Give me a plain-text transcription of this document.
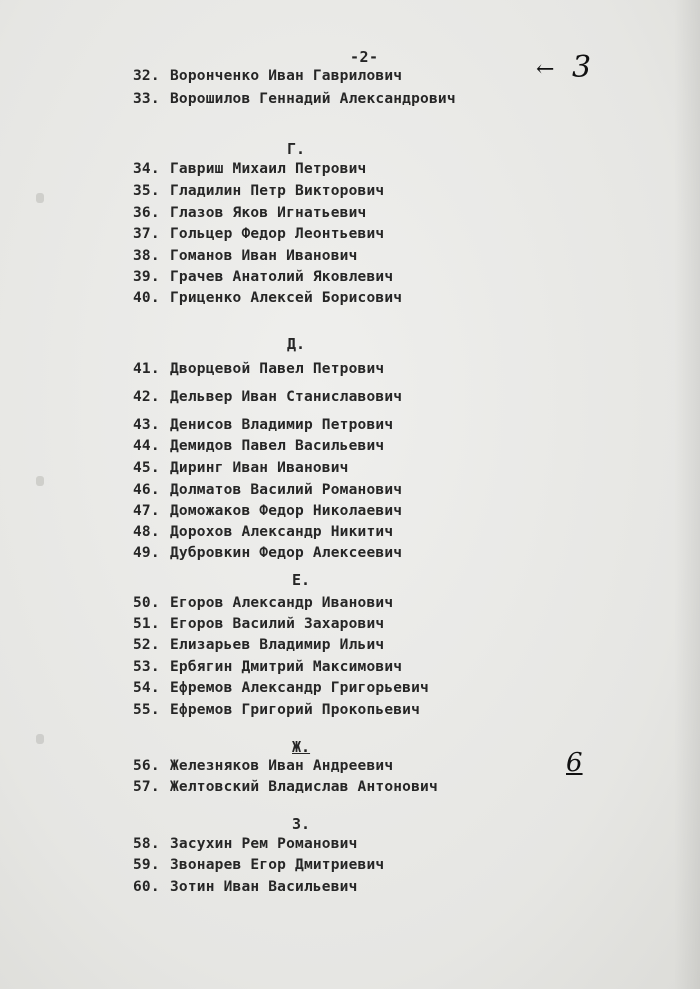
-2-	← 3
6
32. Воронченко Иван Гаврилович
33. Ворошилов Геннадий Александрович
Г.
34. Гавриш Михаил Петрович
35. Гладилин Петр Викторович
36. Глазов Яков Игнатьевич
37. Гольцер Федор Леонтьевич
38. Гоманов Иван Иванович
39. Грачев Анатолий Яковлевич
40. Гриценко Алексей Борисович
Д.
41. Дворцевой Павел Петрович
42. Дельвер Иван Станиславович
43. Денисов Владимир Петрович
44. Демидов Павел Васильевич
45. Диринг Иван Иванович
46. Долматов Василий Романович
47. Доможаков Федор Николаевич
48. Дорохов Александр Никитич
49. Дубровкин Федор Алексеевич
Е.
50. Егоров Александр Иванович
51. Егоров Василий Захарович
52. Елизарьев Владимир Ильич
53. Ербягин Дмитрий Максимович
54. Ефремов Александр Григорьевич
55. Ефремов Григорий Прокопьевич
Ж.
56. Железняков Иван Андреевич
57. Желтовский Владислав Антонович
З.
58. Засухин Рем Романович
59. Звонарев Егор Дмитриевич
60. Зотин Иван Васильевич
